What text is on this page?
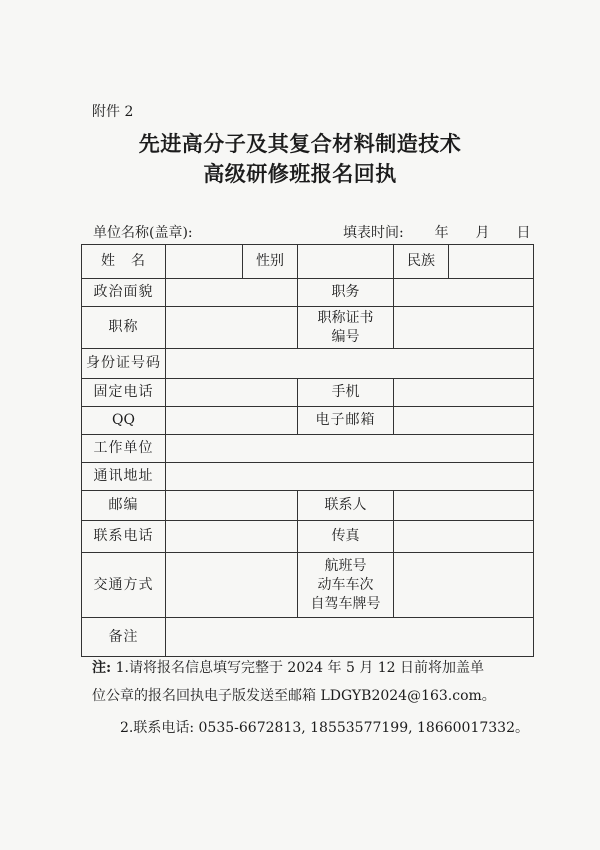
附件 2
先进高分子及其复合材料制造技术
高级研修班报名回执
单位名称(盖章):	填表时间: 年 月 日
姓　名		性别		民族	
政治面貌			职务		
职称			职称证书
编号		

身份证号码					
固定电话			手机		
QQ			电子邮箱		
工作单位					
通讯地址					
邮编			联系人		
联系电话			传真		
交通方式			航班号
动车车次
自驾车牌号		

备注					
注: 1.请将报名信息填写完整于 2024 年 5 月 12 日前将加盖单
位公章的报名回执电子版发送至邮箱 LDGYB2024@163.com。
2.联系电话: 0535-6672813, 18553577199, 18660017332。
